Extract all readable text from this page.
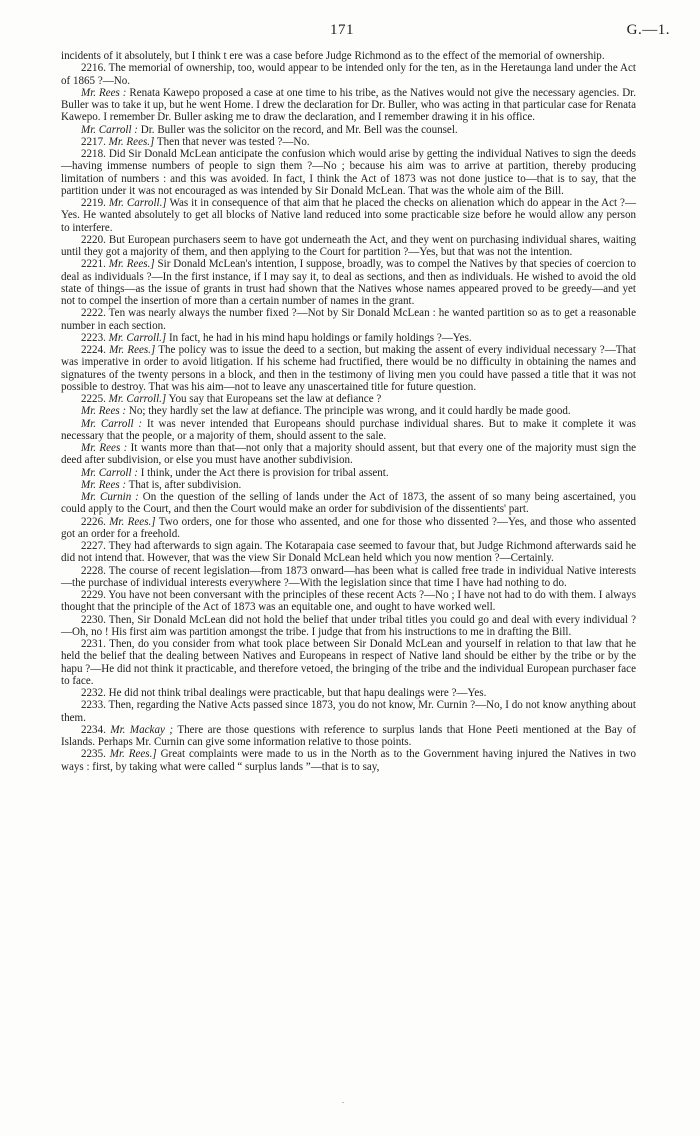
171	G.—1.

incidents of it absolutely, but I think t ere was a case before Judge Richmond as to the effect of the memorial of ownership.

2216. The memorial of ownership, too, would appear to be intended only for the ten, as in the Heretaunga land under the Act of 1865 ?—No.

Mr. Rees : Renata Kawepo proposed a case at one time to his tribe, as the Natives would not give the necessary agencies. Dr. Buller was to take it up, but he went Home. I drew the declaration for Dr. Buller, who was acting in that particular case for Renata Kawepo. I remember Dr. Buller asking me to draw the declaration, and I remember drawing it in his office.

Mr. Carroll : Dr. Buller was the solicitor on the record, and Mr. Bell was the counsel.

2217. Mr. Rees.] Then that never was tested ?—No.

2218. Did Sir Donald McLean anticipate the confusion which would arise by getting the individual Natives to sign the deeds—having immense numbers of people to sign them ?—No ; because his aim was to arrive at partition, thereby producing limitation of numbers : and this was avoided. In fact, I think the Act of 1873 was not done justice to—that is to say, that the partition under it was not encouraged as was intended by Sir Donald McLean. That was the whole aim of the Bill.

2219. Mr. Carroll.] Was it in consequence of that aim that he placed the checks on alienation which do appear in the Act ?—Yes. He wanted absolutely to get all blocks of Native land reduced into some practicable size before he would allow any person to interfere.

2220. But European purchasers seem to have got underneath the Act, and they went on purchasing individual shares, waiting until they got a majority of them, and then applying to the Court for partition ?—Yes, but that was not the intention.

2221. Mr. Rees.] Sir Donald McLean's intention, I suppose, broadly, was to compel the Natives by that species of coercion to deal as individuals ?—In the first instance, if I may say it, to deal as sections, and then as individuals. He wished to avoid the old state of things—as the issue of grants in trust had shown that the Natives whose names appeared proved to be greedy—and yet not to compel the insertion of more than a certain number of names in the grant.

2222. Ten was nearly always the number fixed ?—Not by Sir Donald McLean : he wanted partition so as to get a reasonable number in each section.

2223. Mr. Carroll.] In fact, he had in his mind hapu holdings or family holdings ?—Yes.

2224. Mr. Rees.] The policy was to issue the deed to a section, but making the assent of every individual necessary ?—That was imperative in order to avoid litigation. If his scheme had fructified, there would be no difficulty in obtaining the names and signatures of the twenty persons in a block, and then in the testimony of living men you could have passed a title that it was not possible to destroy. That was his aim—not to leave any unascertained title for future question.

2225. Mr. Carroll.] You say that Europeans set the law at defiance ?

Mr. Rees : No; they hardly set the law at defiance. The principle was wrong, and it could hardly be made good.

Mr. Carroll : It was never intended that Europeans should purchase individual shares. But to make it complete it was necessary that the people, or a majority of them, should assent to the sale.

Mr. Rees : It wants more than that—not only that a majority should assent, but that every one of the majority must sign the deed after subdivision, or else you must have another subdivision.

Mr. Carroll : I think, under the Act there is provision for tribal assent.

Mr. Rees : That is, after subdivision.

Mr. Curnin : On the question of the selling of lands under the Act of 1873, the assent of so many being ascertained, you could apply to the Court, and then the Court would make an order for subdivision of the dissentients' part.

2226. Mr. Rees.] Two orders, one for those who assented, and one for those who dissented ?—Yes, and those who assented got an order for a freehold.

2227. They had afterwards to sign again. The Kotarapaia case seemed to favour that, but Judge Richmond afterwards said he did not intend that. However, that was the view Sir Donald McLean held which you now mention ?—Certainly.

2228. The course of recent legislation—from 1873 onward—has been what is called free trade in individual Native interests—the purchase of individual interests everywhere ?—With the legislation since that time I have had nothing to do.

2229. You have not been conversant with the principles of these recent Acts ?—No ; I have not had to do with them. I always thought that the principle of the Act of 1873 was an equitable one, and ought to have worked well.

2230. Then, Sir Donald McLean did not hold the belief that under tribal titles you could go and deal with every individual ?—Oh, no ! His first aim was partition amongst the tribe. I judge that from his instructions to me in drafting the Bill.

2231. Then, do you consider from what took place between Sir Donald McLean and yourself in relation to that law that he held the belief that the dealing between Natives and Europeans in respect of Native land should be either by the tribe or by the hapu ?—He did not think it practicable, and therefore vetoed, the bringing of the tribe and the individual European purchaser face to face.

2232. He did not think tribal dealings were practicable, but that hapu dealings were ?—Yes.

2233. Then, regarding the Native Acts passed since 1873, you do not know, Mr. Curnin ?—No, I do not know anything about them.

2234. Mr. Mackay ; There are those questions with reference to surplus lands that Hone Peeti mentioned at the Bay of Islands. Perhaps Mr. Curnin can give some information relative to those points.

2235. Mr. Rees.] Great complaints were made to us in the North as to the Government having injured the Natives in two ways : first, by taking what were called “ surplus lands ”—that is to say,
